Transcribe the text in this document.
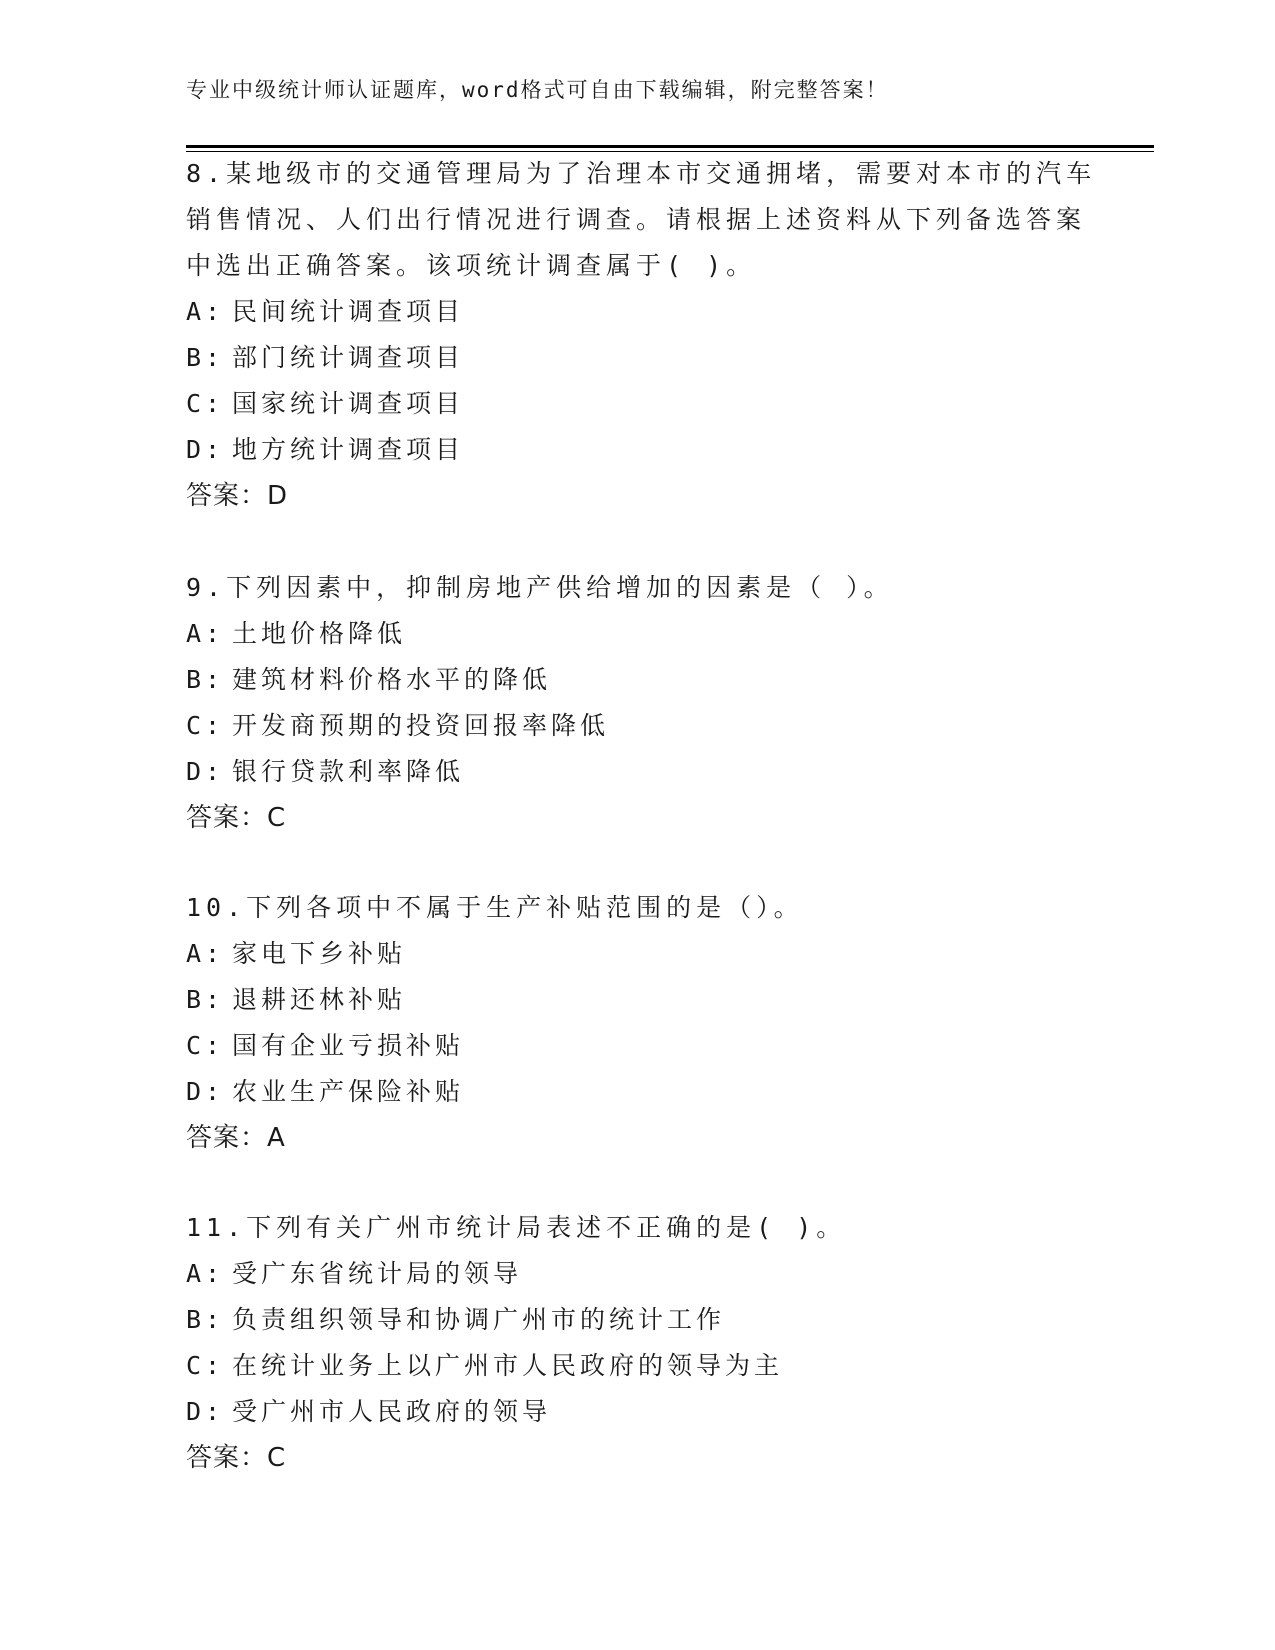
专业中级统计师认证题库，word格式可自由下载编辑，附完整答案！
8.某地级市的交通管理局为了治理本市交通拥堵，需要对本市的汽车
销售情况、人们出行情况进行调查。请根据上述资料从下列备选答案
中选出正确答案。该项统计调查属于( )。
A: 民间统计调查项目
B: 部门统计调查项目
C: 国家统计调查项目
D: 地方统计调查项目
答案：D
9.下列因素中，抑制房地产供给增加的因素是（ ）。
A: 土地价格降低
B: 建筑材料价格水平的降低
C: 开发商预期的投资回报率降低
D: 银行贷款利率降低
答案：C
10.下列各项中不属于生产补贴范围的是（）。
A: 家电下乡补贴
B: 退耕还林补贴
C: 国有企业亏损补贴
D: 农业生产保险补贴
答案：A
11.下列有关广州市统计局表述不正确的是( )。
A: 受广东省统计局的领导
B: 负责组织领导和协调广州市的统计工作
C: 在统计业务上以广州市人民政府的领导为主
D: 受广州市人民政府的领导
答案：C
